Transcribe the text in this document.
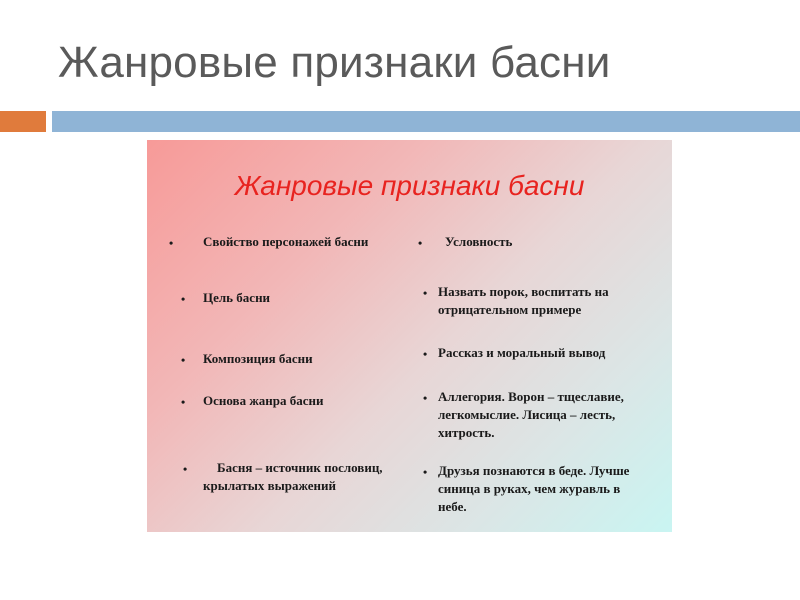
Жанровые признаки басни
Жанровые признаки басни
• Свойство персонажей басни
• Цель басни
• Композиция басни
• Основа жанра басни
•	Басня – источник пословиц, крылатых выражений
• Условность
• Назвать порок, воспитать на отрицательном примере
• Рассказ и моральный вывод
• Аллегория. Ворон – тщеславие, легкомыслие. Лисица – лесть, хитрость.
• Друзья познаются в беде. Лучше синица в руках, чем журавль в небе.
